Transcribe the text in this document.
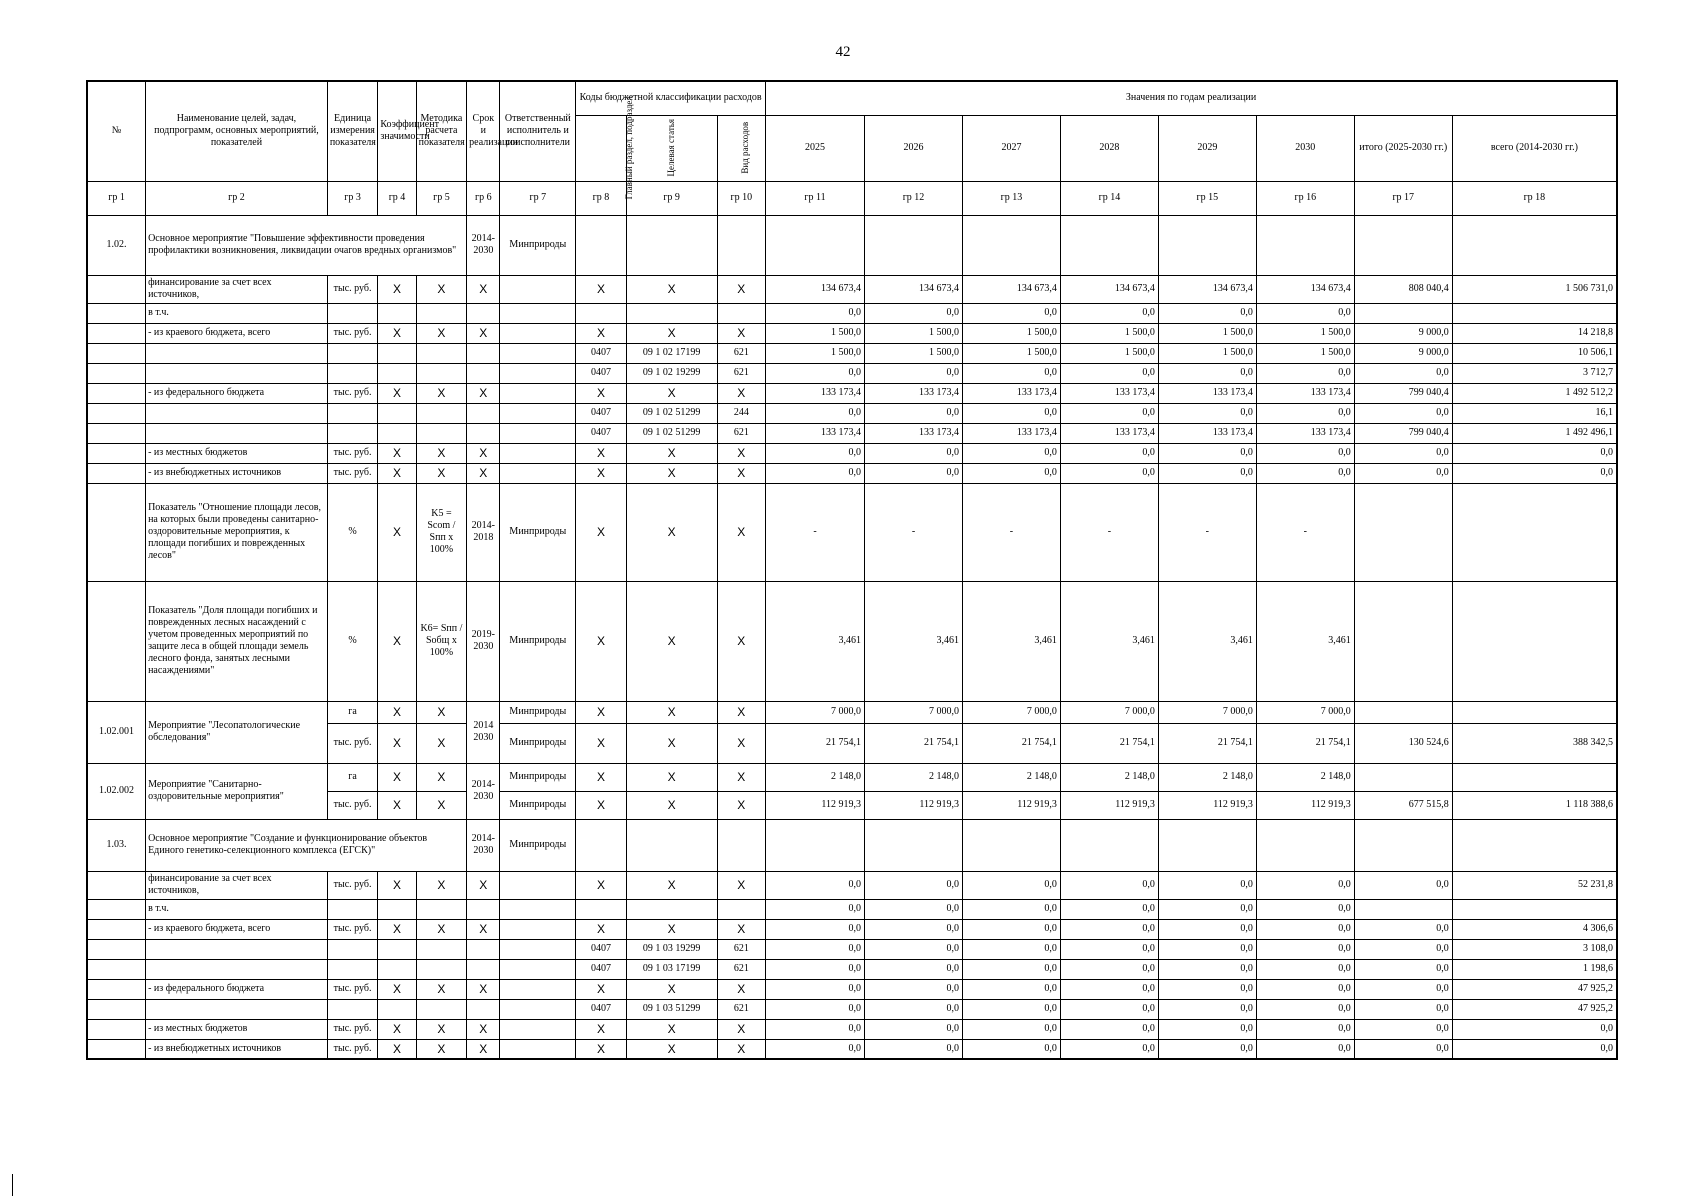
42
№	Наименование целей, задач, подпрограмм, основных мероприятий, показателей	Единица измерения показателя	Коэффициент значимости	Методика расчета показателя	Срок и реализации	Ответственный исполнитель и соисполнители	Коды бюджетной классификации расходов			Значения по годам реализации							
							Главный раздел, подраздел	Целевая статья	Вид расходов	2025	2026	2027	2028	2029	2030	итого (2025-2030 гг.)	всего (2014-2030 гг.)
гр 1	гр 2	гр 3	гр 4	гр 5	гр 6	гр 7	гр 8	гр 9	гр 10	гр 11	гр 12	гр 13	гр 14	гр 15	гр 16	гр 17	гр 18
1.02.	Основное мероприятие "Повышение эффективности проведения профилактики возникновения, ликвидации очагов вредных организмов"				2014-2030	Минприроды											
	финансирование за счет всех источников,	тыс. руб.	X	X	X		X	X	X	134 673,4	134 673,4	134 673,4	134 673,4	134 673,4	134 673,4	808 040,4	1 506 731,0
	в т.ч.									0,0	0,0	0,0	0,0	0,0	0,0		
	- из краевого бюджета, всего	тыс. руб.	X	X	X		X	X	X	1 500,0	1 500,0	1 500,0	1 500,0	1 500,0	1 500,0	9 000,0	14 218,8
							0407	09 1 02 17199	621	1 500,0	1 500,0	1 500,0	1 500,0	1 500,0	1 500,0	9 000,0	10 506,1
							0407	09 1 02 19299	621	0,0	0,0	0,0	0,0	0,0	0,0	0,0	3 712,7
	- из федерального бюджета	тыс. руб.	X	X	X		X	X	X	133 173,4	133 173,4	133 173,4	133 173,4	133 173,4	133 173,4	799 040,4	1 492 512,2
							0407	09 1 02 51299	244	0,0	0,0	0,0	0,0	0,0	0,0	0,0	16,1
							0407	09 1 02 51299	621	133 173,4	133 173,4	133 173,4	133 173,4	133 173,4	133 173,4	799 040,4	1 492 496,1
	- из местных бюджетов	тыс. руб.	X	X	X		X	X	X	0,0	0,0	0,0	0,0	0,0	0,0	0,0	0,0
	- из внебюджетных источников	тыс. руб.	X	X	X		X	X	X	0,0	0,0	0,0	0,0	0,0	0,0	0,0	0,0
	Показатель "Отношение площади лесов, на которых были проведены санитарно-оздоровительные мероприятия, к площади погибших и поврежденных лесов"	%	X	K5 = Sсоm / Sпп x 100%	2014-2018	Минприроды	X	X	X	-	-	-	-	-	-		
	Показатель "Доля площади погибших и поврежденных лесных насаждений с учетом проведенных мероприятий по защите леса в общей площади земель лесного фонда, занятых лесными насаждениями"	%	X	K6= Sпп / Sобщ x 100%	2019-2030	Минприроды	X	X	X	3,461	3,461	3,461	3,461	3,461	3,461		
1.02.001	Мероприятие "Лесопатологические обследования"	га	X	X	2014 2030	Минприроды	X	X	X	7 000,0	7 000,0	7 000,0	7 000,0	7 000,0	7 000,0		
		тыс. руб.	X	X		Минприроды	X	X	X	21 754,1	21 754,1	21 754,1	21 754,1	21 754,1	21 754,1	130 524,6	388 342,5
1.02.002	Мероприятие "Санитарно-оздоровительные мероприятия"	га	X	X	2014-2030	Минприроды	X	X	X	2 148,0	2 148,0	2 148,0	2 148,0	2 148,0	2 148,0		
		тыс. руб.	X	X		Минприроды	X	X	X	112 919,3	112 919,3	112 919,3	112 919,3	112 919,3	112 919,3	677 515,8	1 118 388,6
1.03.	Основное мероприятие "Создание и функционирование объектов Единого генетико-селекционного комплекса (ЕГСК)"				2014-2030	Минприроды											
	финансирование за счет всех источников,	тыс. руб.	X	X	X		X	X	X	0,0	0,0	0,0	0,0	0,0	0,0	0,0	52 231,8
	в т.ч.									0,0	0,0	0,0	0,0	0,0	0,0		
	- из краевого бюджета, всего	тыс. руб.	X	X	X		X	X	X	0,0	0,0	0,0	0,0	0,0	0,0	0,0	4 306,6
							0407	09 1 03 19299	621	0,0	0,0	0,0	0,0	0,0	0,0	0,0	3 108,0
							0407	09 1 03 17199	621	0,0	0,0	0,0	0,0	0,0	0,0	0,0	1 198,6
	- из федерального бюджета	тыс. руб.	X	X	X		X	X	X	0,0	0,0	0,0	0,0	0,0	0,0	0,0	47 925,2
							0407	09 1 03 51299	621	0,0	0,0	0,0	0,0	0,0	0,0	0,0	47 925,2
	- из местных бюджетов	тыс. руб.	X	X	X		X	X	X	0,0	0,0	0,0	0,0	0,0	0,0	0,0	0,0
	- из внебюджетных источников	тыс. руб.	X	X	X		X	X	X	0,0	0,0	0,0	0,0	0,0	0,0	0,0	0,0
